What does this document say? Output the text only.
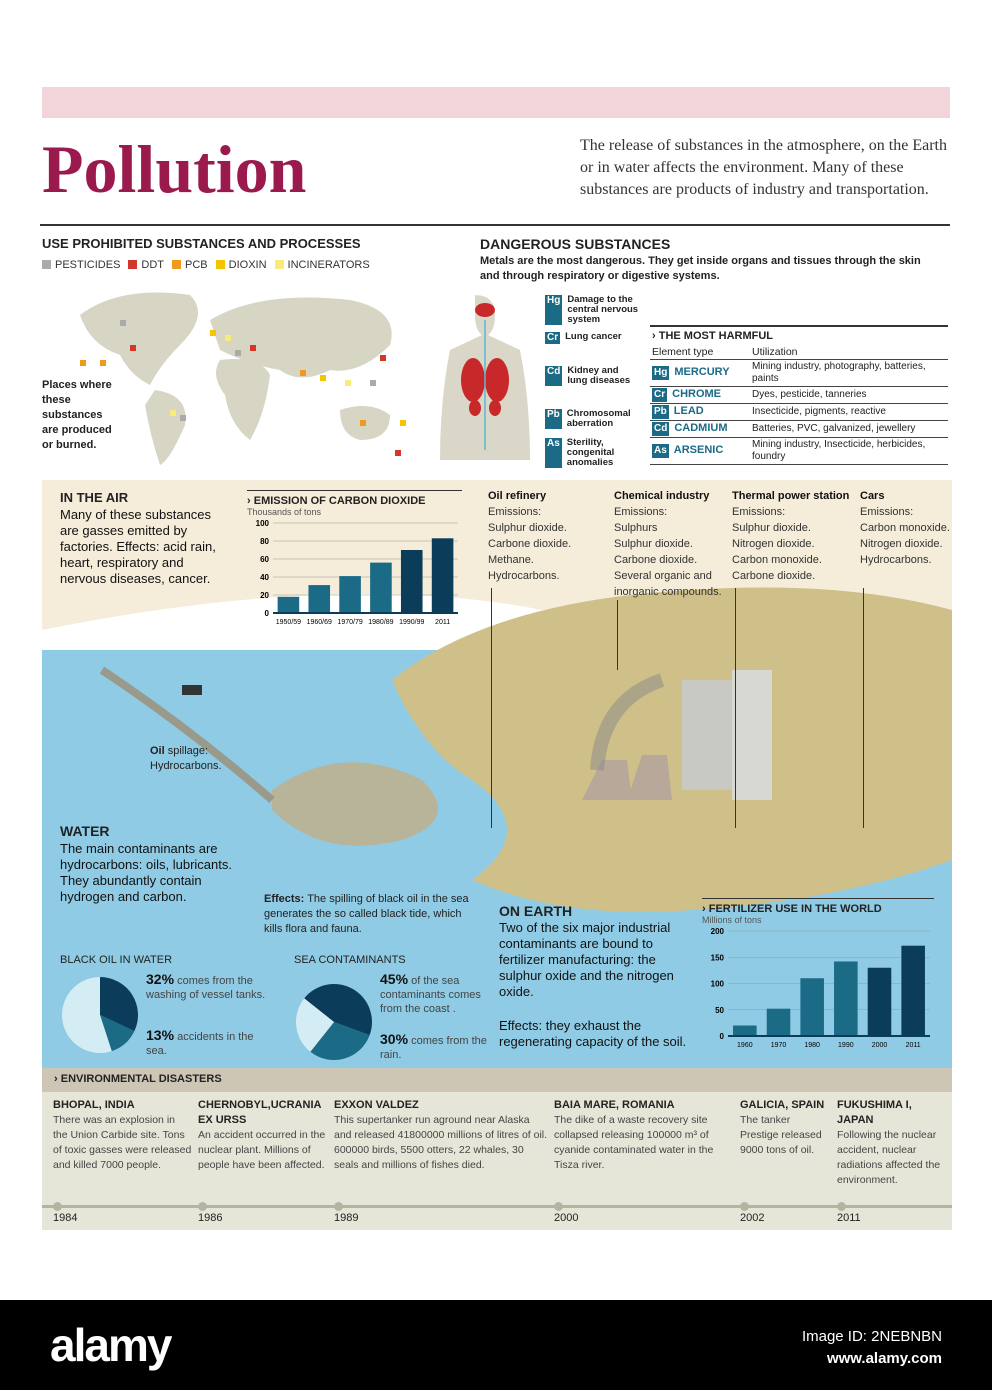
Pollution	The release of substances in the atmosphere, on the Earth or in water affects the environment. Many of these substances are products of industry and transportation.

USE PROHIBITED SUBSTANCES AND PROCESSES
PESTICIDES DDT PCB DIOXIN INCINERATORS
Places where these substances are produced or burned.
DANGEROUS SUBSTANCES
Metals are the most dangerous. They get inside organs and tissues through the skin and through respiratory or digestive systems.
Hg Damage to the central nervous system
Cr Lung cancer
Cd Kidney and lung diseases
Pb Chromosomal aberration
As Sterility, congenital anomalies
› THE MOST HARMFUL
Element type	Utilization
Hg MERCURY	Mining industry, photography, batteries, paints
Cr CHROME	Dyes, pesticide, tanneries
Pb LEAD	Insecticide, pigments, reactive
Cd CADMIUM	Batteries, PVC, galvanized, jewellery
As ARSENIC	Mining industry, Insecticide, herbicides, foundry
IN THE AIR
Many of these substances are gasses emitted by factories. Effects: acid rain, heart, respiratory and nervous diseases, cancer.
› EMISSION OF CARBON DIOXIDE
Thousands of tons
0
20
40
60
80
100
1950/59 1960/69 1970/79 1980/89 1990/99 2011
Oil refinery
Emissions:
Sulphur dioxide.
Carbone dioxide.
Methane.
Hydrocarbons.
Chemical industry
Emissions:
Sulphurs
Sulphur dioxide.
Carbone dioxide.
Several organic and inorganic compounds.
Thermal power station
Emissions:
Sulphur dioxide.
Nitrogen dioxide.
Carbon monoxide.
Carbone dioxide.
Cars
Emissions:
Carbon monoxide.
Nitrogen dioxide.
Hydrocarbons.
Oil spillage:
Hydrocarbons.
WATER
The main contaminants are hydrocarbons: oils, lubricants. They abundantly contain hydrogen and carbon.	Effects: The spilling of black oil in the sea generates the so called black tide, which kills flora and fauna.
ON EARTH
Two of the six major industrial contaminants are bound to fertilizer manufacturing: the sulphur oxide and the nitrogen oxide.
Effects: they exhaust the regenerating capacity of the soil.
› FERTILIZER USE IN THE WORLD
Millions of tons
0
50
100
150
200
1960	1970	1980	1990	2000	2011
BLACK OIL IN WATER
32% comes from the washing of vessel tanks.
13% accidents in the sea.
SEA CONTAMINANTS
45% of the sea contaminants comes from the coast .
30% comes from the rain.
› ENVIRONMENTAL DISASTERS
BHOPAL, INDIA
There was an explosion in the Union Carbide site. Tons of toxic gasses were released and killed 7000 people.
1984
CHERNOBYL,UCRANIA EX URSS
An accident occurred in the nuclear plant. Millions of people have been affected.
1986
EXXON VALDEZ
This supertanker run aground near Alaska and released 41800000 millions of litres of oil. 600000 birds, 5500 otters, 22 whales, 30 seals and millions of fishes died.
1989
BAIA MARE, ROMANIA
The dike of a waste recovery site collapsed releasing 100000 m³ of cyanide contaminated water in the Tisza river.
2000
GALICIA, SPAIN
The tanker Prestige released 9000 tons of oil.
2002
FUKUSHIMA I, JAPAN
Following the nuclear accident, nuclear radiations affected the environment.
2011
alamy	Image ID: 2NEBNBN
www.alamy.com
